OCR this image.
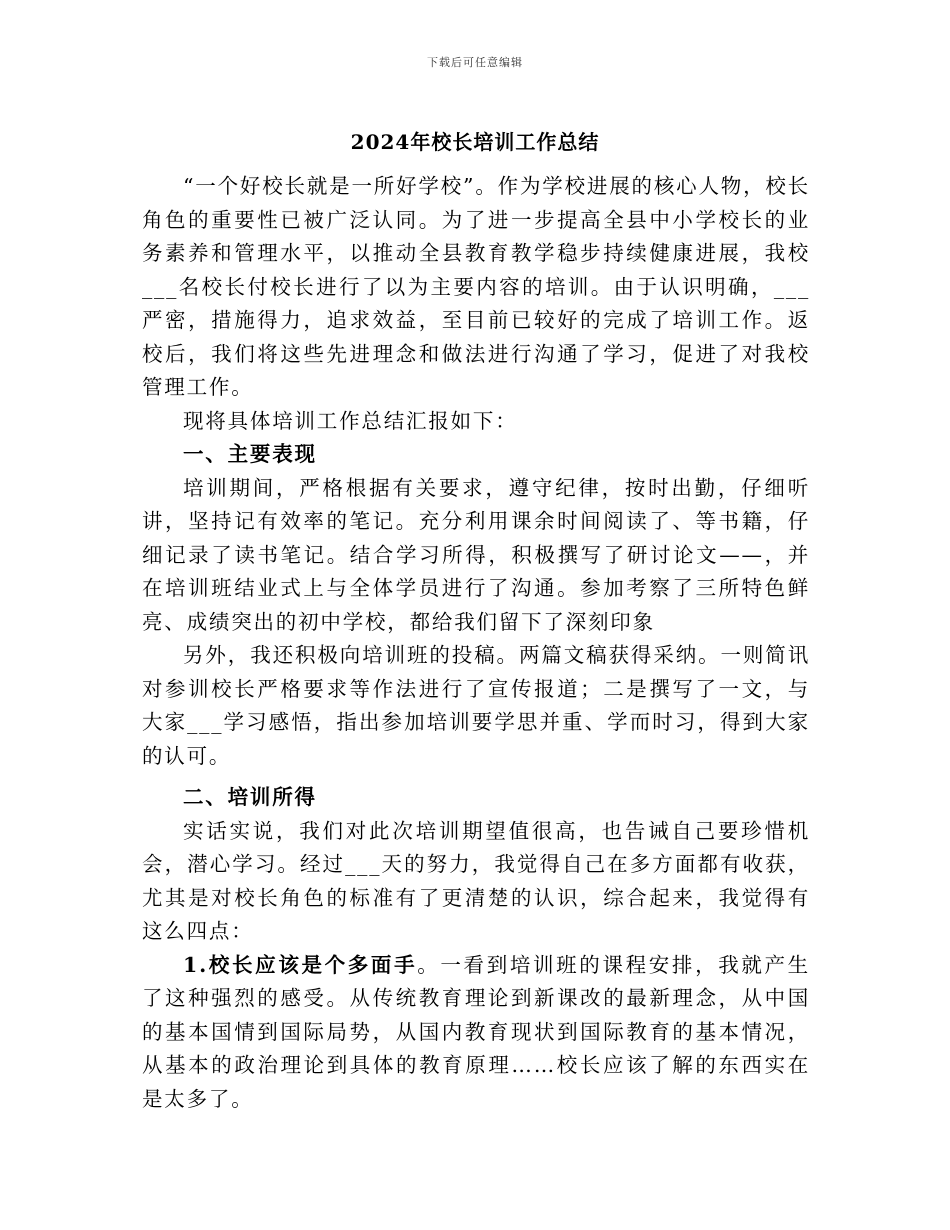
下载后可任意编辑
2024年校长培训工作总结

“一个好校长就是一所好学校”。作为学校进展的核心人物，校长角色的重要性已被广泛认同。为了进一步提高全县中小学校长的业务素养和管理水平，以推动全县教育教学稳步持续健康进展，我校___名校长付校长进行了以为主要内容的培训。由于认识明确，___严密，措施得力，追求效益，至目前已较好的完成了培训工作。返校后，我们将这些先进理念和做法进行沟通了学习，促进了对我校管理工作。

现将具体培训工作总结汇报如下：

一、主要表现

培训期间，严格根据有关要求，遵守纪律，按时出勤，仔细听讲，坚持记有效率的笔记。充分利用课余时间阅读了、等书籍，仔细记录了读书笔记。结合学习所得，积极撰写了研讨论文——，并在培训班结业式上与全体学员进行了沟通。参加考察了三所特色鲜亮、成绩突出的初中学校，都给我们留下了深刻印象

另外，我还积极向培训班的投稿。两篇文稿获得采纳。一则简讯对参训校长严格要求等作法进行了宣传报道；二是撰写了一文，与大家___学习感悟，指出参加培训要学思并重、学而时习，得到大家的认可。

二、培训所得

实话实说，我们对此次培训期望值很高，也告诫自己要珍惜机会，潜心学习。经过___天的努力，我觉得自己在多方面都有收获，尤其是对校长角色的标准有了更清楚的认识，综合起来，我觉得有这么四点：

1.校长应该是个多面手。一看到培训班的课程安排，我就产生了这种强烈的感受。从传统教育理论到新课改的最新理念，从中国的基本国情到国际局势，从国内教育现状到国际教育的基本情况，从基本的政治理论到具体的教育原理……校长应该了解的东西实在是太多了。
